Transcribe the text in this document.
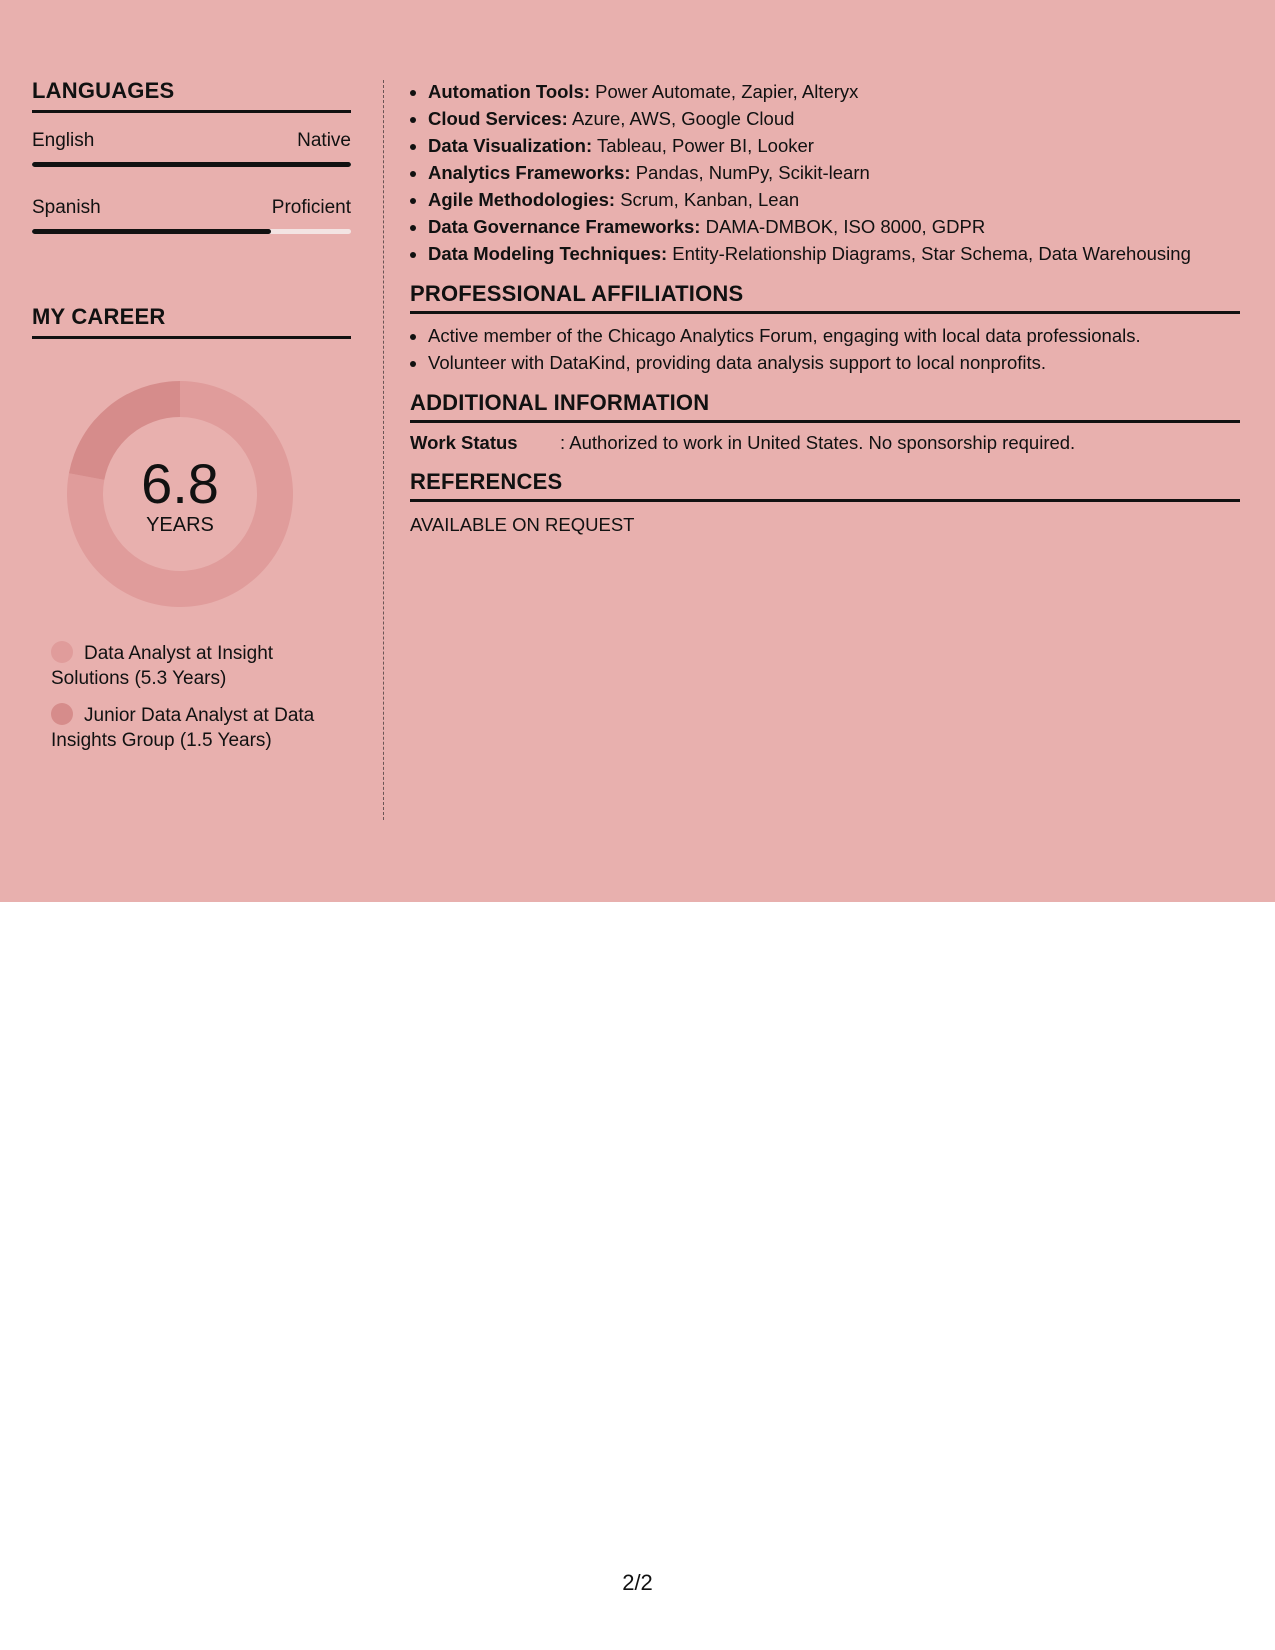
LANGUAGES
English	Native
Spanish	Proficient
MY CAREER
6.8
YEARS
Data Analyst at Insight Solutions (5.3 Years)
Junior Data Analyst at Data Insights Group (1.5 Years)
• Automation Tools: Power Automate, Zapier, Alteryx
• Cloud Services: Azure, AWS, Google Cloud
• Data Visualization: Tableau, Power BI, Looker
• Analytics Frameworks: Pandas, NumPy, Scikit-learn
• Agile Methodologies: Scrum, Kanban, Lean
• Data Governance Frameworks: DAMA-DMBOK, ISO 8000, GDPR
• Data Modeling Techniques: Entity-Relationship Diagrams, Star Schema, Data Warehousing
PROFESSIONAL AFFILIATIONS
• Active member of the Chicago Analytics Forum, engaging with local data professionals.
• Volunteer with DataKind, providing data analysis support to local nonprofits.
ADDITIONAL INFORMATION
Work Status	: Authorized to work in United States. No sponsorship required.
REFERENCES
AVAILABLE ON REQUEST
2/2
